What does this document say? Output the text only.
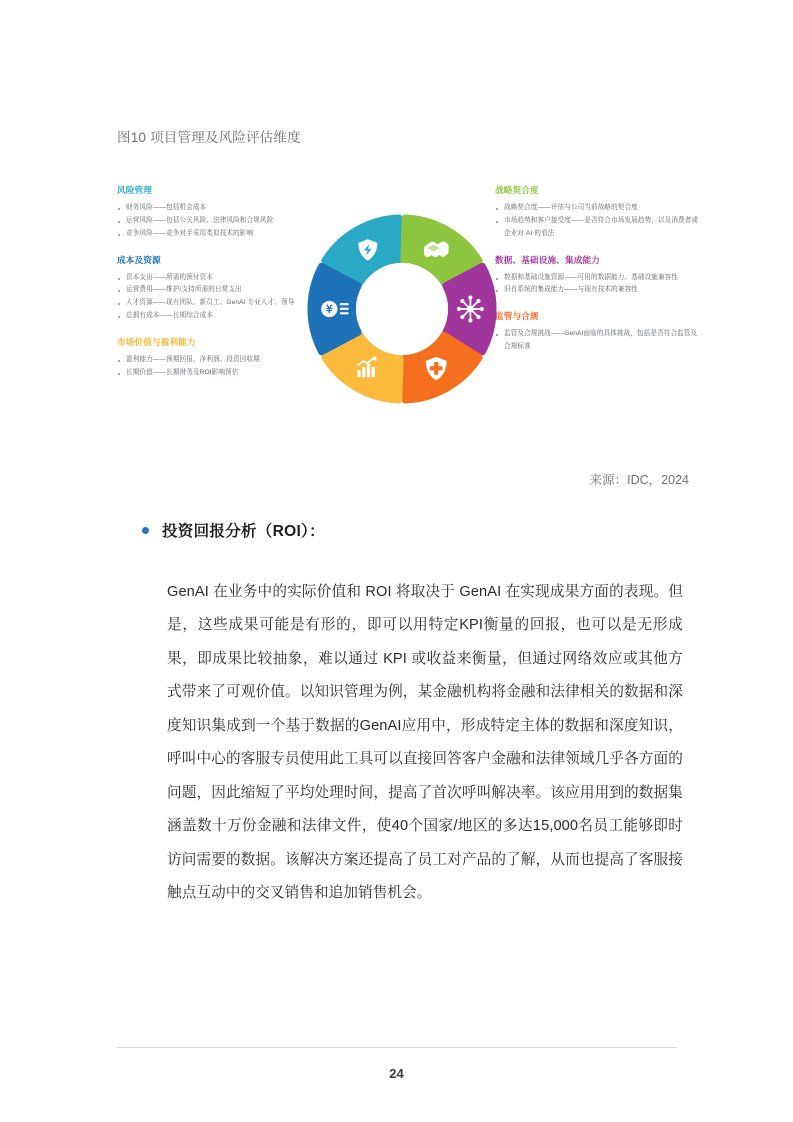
图10 项目管理及风险评估维度
风险管理
财务风险——包括机会成本
运营风险——包括公关风险、法律风险和合规风险
竞争风险——竞争对手采用类似技术的影响
成本及资源
资本支出——所需的预付资本
运营费用——维护/支持所需的日常支出
人才资源——现有团队、新员工、GenAI 专业人才、领导
总拥有成本——长期综合成本
市场价值与盈利能力
盈利能力——预期回报、净利润、投资回收期
长期价值——长期财务及ROI影响预估
战略契合度
战略契合度——评估与公司当前战略的契合度
市场趋势和客户接受度——是否符合市场发展趋势，以及消费者或企业对 AI 的看法
数据、基础设施、集成能力
数据和基础设施资源——可用的数据能力、基础设施兼容性
旧有系统的集成能力——与现有技术的兼容性
监管与合规
监管及合规挑战——GenAI面临的具体挑战，包括是否符合监管及合规标准
来源：IDC，2024
投资回报分析（ROI）：

GenAI 在业务中的实际价值和 ROI 将取决于 GenAI 在实现成果方面的表现。但是，这些成果可能是有形的，即可以用特定KPI衡量的回报，也可以是无形成果，即成果比较抽象，难以通过 KPI 或收益来衡量，但通过网络效应或其他方式带来了可观价值。以知识管理为例，某金融机构将金融和法律相关的数据和深度知识集成到一个基于数据的GenAI应用中，形成特定主体的数据和深度知识，呼叫中心的客服专员使用此工具可以直接回答客户金融和法律领域几乎各方面的问题，因此缩短了平均处理时间，提高了首次呼叫解决率。该应用用到的数据集涵盖数十万份金融和法律文件，使40个国家/地区的多达15,000名员工能够即时访问需要的数据。该解决方案还提高了员工对产品的了解，从而也提高了客服接触点互动中的交叉销售和追加销售机会。

24
